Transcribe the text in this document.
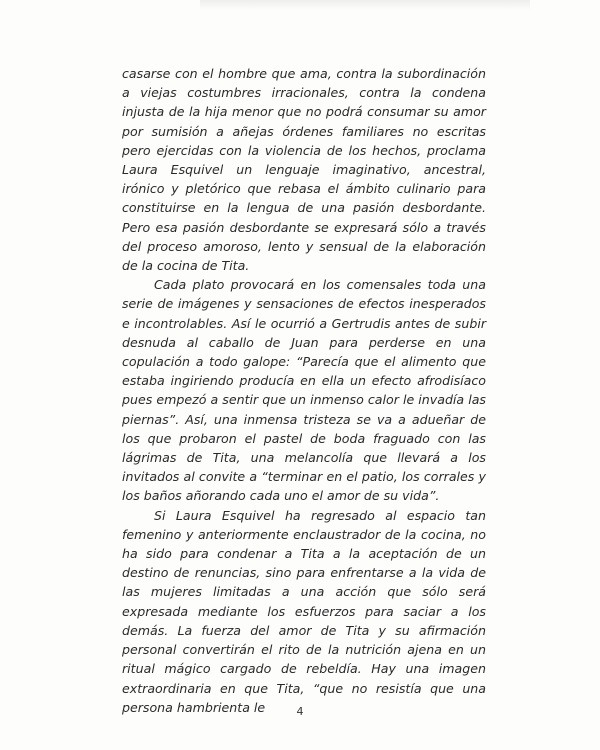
casarse con el hombre que ama, contra la subordinación a viejas costumbres irracionales, contra la condena injusta de la hija menor que no podrá consumar su amor por sumisión a añejas órdenes familiares no escritas pero ejercidas con la violencia de los hechos, proclama Laura Esquivel un lenguaje imaginativo, ancestral, irónico y pletórico que rebasa el ámbito culinario para constituirse en la lengua de una pasión desbordante. Pero esa pasión desbordante se expresará sólo a través del proceso amoroso, lento y sensual de la elaboración de la cocina de Tita.

Cada plato provocará en los comensales toda una serie de imágenes y sensaciones de efectos inesperados e incontrolables. Así le ocurrió a Gertrudis antes de subir desnuda al caballo de Juan para perderse en una copulación a todo galope: “Parecía que el alimento que estaba ingiriendo producía en ella un efecto afrodisíaco pues empezó a sentir que un inmenso calor le invadía las piernas”. Así, una inmensa tristeza se va a adueñar de los que probaron el pastel de boda fraguado con las lágrimas de Tita, una melancolía que llevará a los invitados al convite a “terminar en el patio, los corrales y los baños añorando cada uno el amor de su vida”.

Si Laura Esquivel ha regresado al espacio tan femenino y anteriormente enclaustrador de la cocina, no ha sido para condenar a Tita a la aceptación de un destino de renuncias, sino para enfrentarse a la vida de las mujeres limitadas a una acción que sólo será expresada mediante los esfuerzos para saciar a los demás. La fuerza del amor de Tita y su afirmación personal convertirán el rito de la nutrición ajena en un ritual mágico cargado de rebeldía. Hay una imagen extraordinaria en que Tita, “que no resistía que una persona hambrienta le	4
